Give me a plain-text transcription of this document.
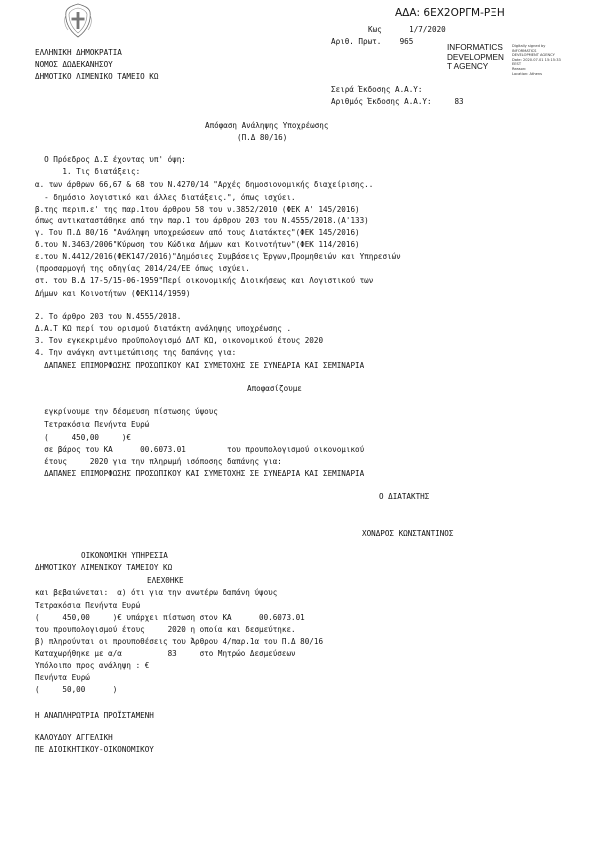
ΑΔΑ: 6ΕΧ2ΟΡΓΜ-ΡΞΗ
Κως      1/7/2020
Αριθ. Πρωτ.    965
ΕΛΛΗΝΙΚΗ ΔΗΜΟΚΡΑΤΙΑ
ΝΟΜΟΣ ΔΩΔΕΚΑΝΗΣΟΥ
ΔΗΜΟΤΙΚΟ ΛΙΜΕΝΙΚΟ ΤΑΜΕΙΟ ΚΩ
INFORMATICS
DEVELOPMEN
T AGENCY
Digitally signed by
INFORMATICS
DEVELOPMENT AGENCY
Date: 2020.07.01 15:15:33
EEST
Reason:
Location: Athens
Σειρά Έκδοσης Α.Α.Υ:
Αριθμός Έκδοσης Α.Α.Υ:     83
Απόφαση Ανάληψης Υποχρέωσης
(Π.Δ 80/16)
Ο Πρόεδρος Δ.Σ έχοντας υπ' όψη:
1. Τις διατάξεις:
α. των άρθρων 66,67 & 68 του Ν.4270/14 "Αρχές δημοσιονομικής διαχείρισης..
- δημόσιο λογιστικό και άλλες διατάξεις.", όπως ισχύει.
β.της περιπ.ε' της παρ.1του άρθρου 58 του ν.3852/2010 (ΦΕΚ Α' 145/2016)
όπως αντικαταστάθηκε από την παρ.1 του άρθρου 203 του Ν.4555/2018.(Α'133)
γ. Του Π.Δ 80/16 "Ανάληψη υποχρεώσεων από τους Διατάκτες"(ΦΕΚ 145/2016)
δ.του Ν.3463/2006"Κύρωση του Κώδικα Δήμων και Κοινοτήτων"(ΦΕΚ 114/2016)
ε.του Ν.4412/2016(ΦΕΚ147/2016)"Δημόσιες Συμβάσεις Έργων,Προμηθειών και Υπηρεσιών
(προσαρμογή της οδηγίας 2014/24/ΕΕ όπως ισχύει.
στ. του Β.Δ 17-5/15-06-1959"Περί οικονομικής Διοικήσεως και Λογιστικού των
Δήμων και Κοινοτήτων (ΦΕΚ114/1959)
2. Το άρθρο 203 του Ν.4555/2018.
Δ.Α.Τ ΚΩ περί του ορισμού διατάκτη ανάληψης υποχρέωσης .
3. Τον εγκεκριμένο προϋπολογισμό ΔΛΤ ΚΩ, οικονομικού έτους 2020
4. Την ανάγκη αντιμετώπισης της δαπάνης για:
ΔΑΠΑΝΕΣ ΕΠΙΜΟΡΦΩΣΗΣ ΠΡΟΣΩΠΙΚΟΥ ΚΑΙ ΣΥΜΕΤΟΧΗΣ ΣΕ ΣΥΝΕΔΡΙΑ ΚΑΙ ΣΕΜΙΝΑΡΙΑ
Αποφασίζουμε
εγκρίνουμε την δέσμευση πίστωσης ύψους
Τετρακόσια Πενήντα Ευρώ
(     450,00     )€
σε βάρος του ΚΑ      00.6073.01         του προυπολογισμού οικονομικού
έτους     2020 για την πληρωμή ισόποσης δαπάνης για:
ΔΑΠΑΝΕΣ ΕΠΙΜΟΡΦΩΣΗΣ ΠΡΟΣΩΠΙΚΟΥ ΚΑΙ ΣΥΜΕΤΟΧΗΣ ΣΕ ΣΥΝΕΔΡΙΑ ΚΑΙ ΣΕΜΙΝΑΡΙΑ
Ο ΔΙΑΤΑΚΤΗΣ
ΧΟΝΔΡΟΣ ΚΩΝΣΤΑΝΤΙΝΟΣ
ΟΙΚΟΝΟΜΙΚΗ ΥΠΗΡΕΣΙΑ
ΔΗΜΟΤΙΚΟΥ ΛΙΜΕΝΙΚΟΥ ΤΑΜΕΙΟΥ ΚΩ
ΕΛΕΧΘΗΚΕ
και βεβαιώνεται:  α) ότι για την ανωτέρω δαπάνη ύψους
Τετρακόσια Πενήντα Ευρώ
(     450,00     )€ υπάρχει πίστωση στον ΚΑ      00.6073.01
του προυπολογισμού έτους     2020 η οποία και δεσμεύτηκε.
β) πληρούνται οι προυποθέσεις του Άρθρου 4/παρ.1α του Π.Δ 80/16
Καταχωρήθηκε με α/α          83     στο Μητρώο Δεσμεύσεων
Υπόλοιπο προς ανάληψη : €
Πενήντα Ευρώ
(     50,00      )
Η ΑΝΑΠΛΗΡΩΤΡΙΑ ΠΡΟΪΣΤΑΜΕΝΗ
ΚΑΛΟΥΔΟΥ ΑΓΓΕΛΙΚΗ
ΠΕ ΔΙΟΙΚΗΤΙΚΟΥ-ΟΙΚΟΝΟΜΙΚΟΥ
